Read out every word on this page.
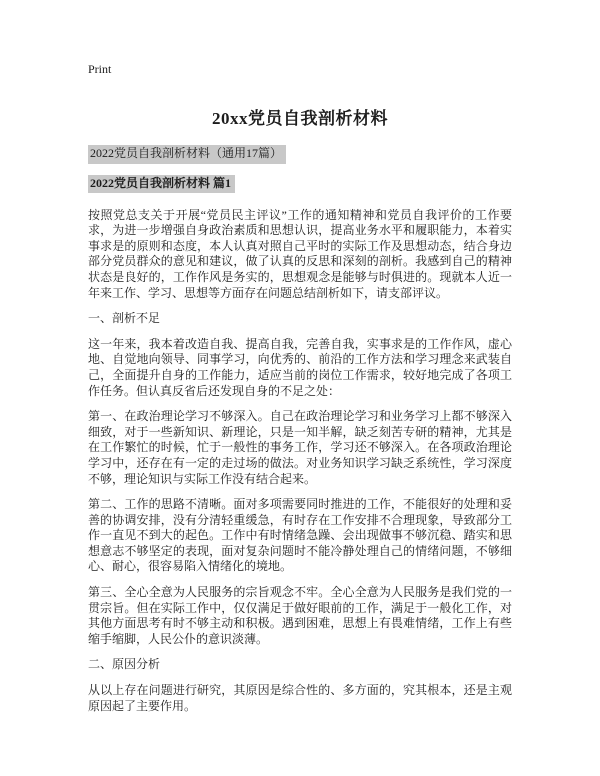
Print
20xx党员自我剖析材料
2022党员自我剖析材料（通用17篇）
2022党员自我剖析材料 篇1

按照党总支关于开展“党员民主评议”工作的通知精神和党员自我评价的工作要求，为进一步增强自身政治素质和思想认识，提高业务水平和履职能力，本着实事求是的原则和态度，本人认真对照自己平时的实际工作及思想动态，结合身边部分党员群众的意见和建议，做了认真的反思和深刻的剖析。我感到自己的精神状态是良好的，工作作风是务实的，思想观念是能够与时俱进的。现就本人近一年来工作、学习、思想等方面存在问题总结剖析如下，请支部评议。

一、剖析不足

这一年来，我本着改造自我、提高自我，完善自我，实事求是的工作作风，虚心地、自觉地向领导、同事学习，向优秀的、前沿的工作方法和学习理念来武装自己，全面提升自身的工作能力，适应当前的岗位工作需求，较好地完成了各项工作任务。但认真反省后还发现自身的不足之处：

第一、在政治理论学习不够深入。自己在政治理论学习和业务学习上都不够深入细致，对于一些新知识、新理论，只是一知半解，缺乏刻苦专研的精神，尤其是在工作繁忙的时候，忙于一般性的事务工作，学习还不够深入。在各项政治理论学习中，还存在有一定的走过场的做法。对业务知识学习缺乏系统性，学习深度不够，理论知识与实际工作没有结合起来。

第二、工作的思路不清晰。面对多项需要同时推进的工作，不能很好的处理和妥善的协调安排，没有分清轻重缓急，有时存在工作安排不合理现象，导致部分工作一直见不到大的起色。工作中有时情绪急躁、会出现做事不够沉稳、踏实和思想意志不够坚定的表现，面对复杂问题时不能冷静处理自己的情绪问题，不够细心、耐心，很容易陷入情绪化的境地。

第三、全心全意为人民服务的宗旨观念不牢。全心全意为人民服务是我们党的一贯宗旨。但在实际工作中，仅仅满足于做好眼前的工作，满足于一般化工作，对其他方面思考有时不够主动和积极。遇到困难，思想上有畏难情绪，工作上有些缩手缩脚，人民公仆的意识淡薄。

二、原因分析

从以上存在问题进行研究，其原因是综合性的、多方面的，究其根本，还是主观原因起了主要作用。
